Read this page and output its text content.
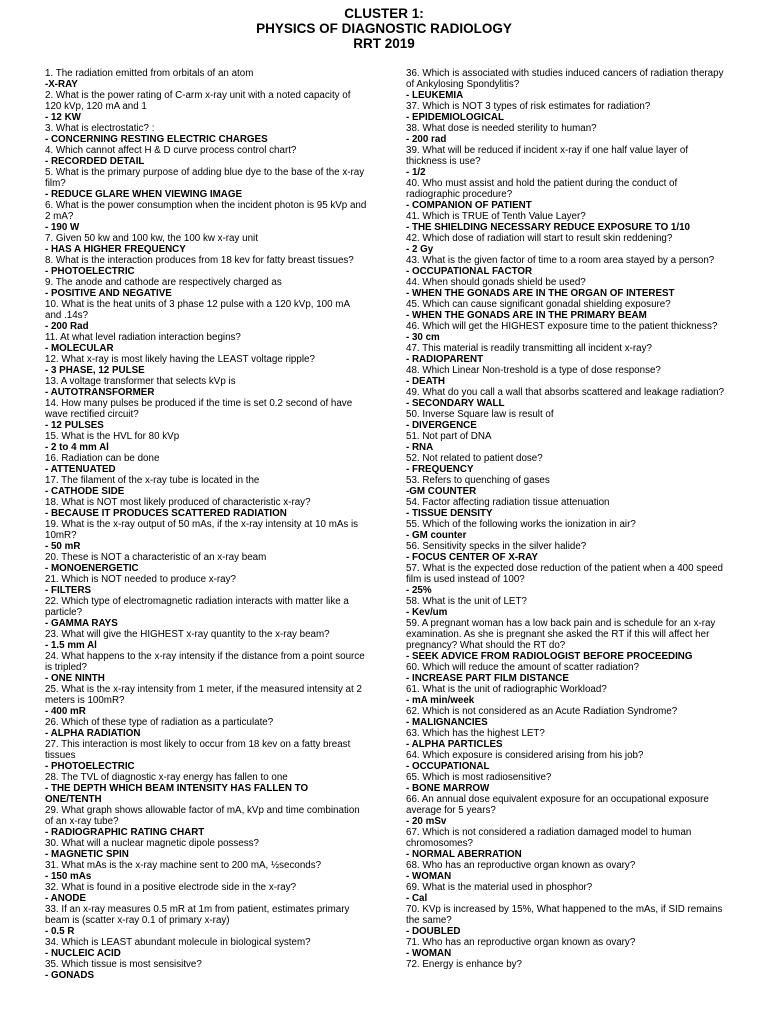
CLUSTER 1:
PHYSICS OF DIAGNOSTIC RADIOLOGY
RRT 2019
1. The radiation emitted from orbitals of an atom
-X-RAY
2. What is the power rating of C-arm x-ray unit with a noted capacity of 120 kVp, 120 mA and 1
- 12 KW
3. What is electrostatic? :
- CONCERNING RESTING ELECTRIC CHARGES
4. Which cannot affect H & D curve process control chart?
- RECORDED DETAIL
5. What is the primary purpose of adding blue dye to the base of the x-ray film?
- REDUCE GLARE WHEN VIEWING IMAGE
6. What is the power consumption when the incident photon is 95 kVp and 2 mA?
- 190 W
7. Given 50 kw and 100 kw, the 100 kw x-ray unit
- HAS A HIGHER FREQUENCY
8. What is the interaction produces from 18 kev for fatty breast tissues?
- PHOTOELECTRIC
9. The anode and cathode are respectively charged as
- POSITIVE AND NEGATIVE
10. What is the heat units of 3 phase 12 pulse with a 120 kVp, 100 mA and .14s?
- 200 Rad
11. At what level radiation interaction begins?
- MOLECULAR
12. What x-ray is most likely having the LEAST voltage ripple?
- 3 PHASE, 12 PULSE
13. A voltage transformer that selects kVp is
- AUTOTRANSFORMER
14. How many pulses be produced if the time is set 0.2 second of have wave rectified circuit?
- 12 PULSES
15. What is the HVL for 80 kVp
- 2 to 4 mm Al
16. Radiation can be done
- ATTENUATED
17. The filament of the x-ray tube is located in the
- CATHODE SIDE
18. What is NOT most likely produced of characteristic x-ray?
- BECAUSE IT PRODUCES SCATTERED RADIATION
19. What is the x-ray output of 50 mAs, if the x-ray intensity at 10 mAs is 10mR?
- 50 mR
20. These is NOT a characteristic of an x-ray beam
- MONOENERGETIC
21. Which is NOT needed to produce x-ray?
- FILTERS
22. Which type of electromagnetic radiation interacts with matter like a particle?
- GAMMA RAYS
23. What will give the HIGHEST x-ray quantity to the x-ray beam?
- 1.5 mm Al
24. What happens to the x-ray intensity if the distance from a point source is tripled?
- ONE NINTH
25. What is the x-ray intensity from 1 meter, if the measured intensity at 2 meters is 100mR?
- 400 mR
26. Which of these type of radiation as a particulate?
- ALPHA RADIATION
27. This interaction is most likely to occur from 18 kev on a fatty breast tissues
- PHOTOELECTRIC
28. The TVL of diagnostic x-ray energy has fallen to one
- THE DEPTH WHICH BEAM INTENSITY HAS FALLEN TO ONE/TENTH
29. What graph shows allowable factor of mA, kVp and time combination of an x-ray tube?
- RADIOGRAPHIC RATING CHART
30. What will a nuclear magnetic dipole possess?
- MAGNETIC SPIN
31. What mAs is the x-ray machine sent to 200 mA, ½seconds?
- 150 mAs
32. What is found in a positive electrode side in the x-ray?
- ANODE
33. If an x-ray measures 0.5 mR at 1m from patient, estimates primary beam is (scatter x-ray 0.1 of primary x-ray)
- 0.5 R
34. Which is LEAST abundant molecule in biological system?
- NUCLEIC ACID
35. Which tissue is most sensisitve?
- GONADS
36. Which is associated with studies induced cancers of radiation therapy of Ankylosing Spondylitis?
- LEUKEMIA
37. Which is NOT 3 types of risk estimates for radiation?
- EPIDEMIOLOGICAL
38. What dose is needed sterility to human?
- 200 rad
39. What will be reduced if incident x-ray if one half value layer of thickness is use?
- 1/2
40. Who must assist and hold the patient during the conduct of radiographic procedure?
- COMPANION OF PATIENT
41. Which is TRUE of Tenth Value Layer?
- THE SHIELDING NECESSARY REDUCE EXPOSURE TO 1/10
42. Which dose of radiation will start to result skin reddening?
- 2 Gy
43. What is the given factor of time to a room area stayed by a person?
- OCCUPATIONAL FACTOR
44. When should gonads shield be used?
- WHEN THE GONADS ARE IN THE ORGAN OF INTEREST
45. Which can cause significant gonadal shielding exposure?
- WHEN THE GONADS ARE IN THE PRIMARY BEAM
46. Which will get the HIGHEST exposure time to the patient thickness?
- 30 cm
47. This material is readily transmitting all incident x-ray?
- RADIOPARENT
48. Which Linear Non-treshold is a type of dose response?
- DEATH
49. What do you call a wall that absorbs scattered and leakage radiation?
- SECONDARY WALL
50. Inverse Square law is result of
- DIVERGENCE
51. Not part of DNA
- RNA
52. Not related to patient dose?
- FREQUENCY
53. Refers to quenching of gases
-GM COUNTER
54. Factor affecting radiation tissue attenuation
- TISSUE DENSITY
55. Which of the following works the ionization in air?
- GM counter
56. Sensitivity specks in the silver halide?
- FOCUS CENTER OF X-RAY
57. What is the expected dose reduction of the patient when a 400 speed film is used instead of 100?
- 25%
58. What is the unit of LET?
- Kev/um
59. A pregnant woman has a low back pain and is schedule for an x-ray examination. As she is pregnant she asked the RT if this will affect her pregnancy? What should the RT do?
- SEEK ADVICE FROM RADIOLOGIST BEFORE PROCEEDING
60. Which will reduce the amount of scatter radiation?
- INCREASE PART FILM DISTANCE
61. What is the unit of radiographic Workload?
- mA min/week
62. Which is not considered as an Acute Radiation Syndrome?
- MALIGNANCIES
63. Which has the highest LET?
- ALPHA PARTICLES
64. Which exposure is considered arising from his job?
- OCCUPATIONAL
65. Which is most radiosensitive?
- BONE MARROW
66. An annual dose equivalent exposure for an occupational exposure average for 5 years?
- 20 mSv
67. Which is not considered a radiation damaged model to human chromosomes?
- NORMAL ABERRATION
68. Who has an reproductive organ known as ovary?
- WOMAN
69. What is the material used in phosphor?
- Cal
70. KVp is increased by 15%, What happened to the mAs, if SID remains the same?
- DOUBLED
71. Who has an reproductive organ known as ovary?
- WOMAN
72. Energy is enhance by?
